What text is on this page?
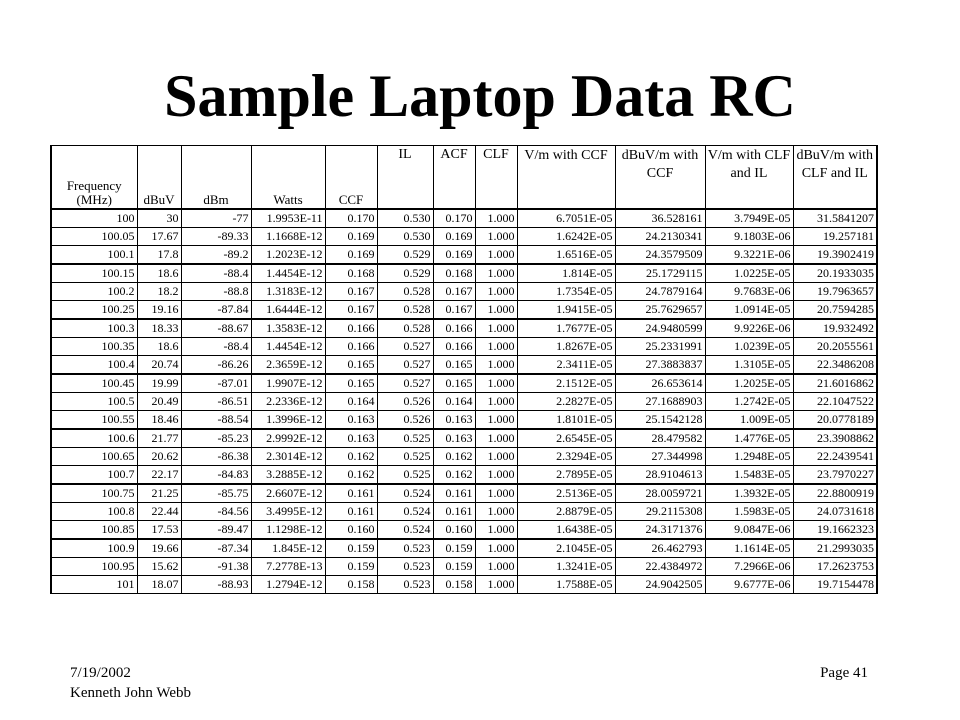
Sample Laptop Data RC
Frequency (MHz)	dBuV	dBm	Watts	CCF	IL	ACF	CLF	V/m with CCF	dBuV/m with CCF	V/m with CLF and IL	dBuV/m with CLF and IL
100	30	-77	1.9953E-11	0.170	0.530	0.170	1.000	6.7051E-05	36.528161	3.7949E-05	31.5841207
100.05	17.67	-89.33	1.1668E-12	0.169	0.530	0.169	1.000	1.6242E-05	24.2130341	9.1803E-06	19.257181
100.1	17.8	-89.2	1.2023E-12	0.169	0.529	0.169	1.000	1.6516E-05	24.3579509	9.3221E-06	19.3902419
100.15	18.6	-88.4	1.4454E-12	0.168	0.529	0.168	1.000	1.814E-05	25.1729115	1.0225E-05	20.1933035
100.2	18.2	-88.8	1.3183E-12	0.167	0.528	0.167	1.000	1.7354E-05	24.7879164	9.7683E-06	19.7963657
100.25	19.16	-87.84	1.6444E-12	0.167	0.528	0.167	1.000	1.9415E-05	25.7629657	1.0914E-05	20.7594285
100.3	18.33	-88.67	1.3583E-12	0.166	0.528	0.166	1.000	1.7677E-05	24.9480599	9.9226E-06	19.932492
100.35	18.6	-88.4	1.4454E-12	0.166	0.527	0.166	1.000	1.8267E-05	25.2331991	1.0239E-05	20.2055561
100.4	20.74	-86.26	2.3659E-12	0.165	0.527	0.165	1.000	2.3411E-05	27.3883837	1.3105E-05	22.3486208
100.45	19.99	-87.01	1.9907E-12	0.165	0.527	0.165	1.000	2.1512E-05	26.653614	1.2025E-05	21.6016862
100.5	20.49	-86.51	2.2336E-12	0.164	0.526	0.164	1.000	2.2827E-05	27.1688903	1.2742E-05	22.1047522
100.55	18.46	-88.54	1.3996E-12	0.163	0.526	0.163	1.000	1.8101E-05	25.1542128	1.009E-05	20.0778189
100.6	21.77	-85.23	2.9992E-12	0.163	0.525	0.163	1.000	2.6545E-05	28.479582	1.4776E-05	23.3908862
100.65	20.62	-86.38	2.3014E-12	0.162	0.525	0.162	1.000	2.3294E-05	27.344998	1.2948E-05	22.2439541
100.7	22.17	-84.83	3.2885E-12	0.162	0.525	0.162	1.000	2.7895E-05	28.9104613	1.5483E-05	23.7970227
100.75	21.25	-85.75	2.6607E-12	0.161	0.524	0.161	1.000	2.5136E-05	28.0059721	1.3932E-05	22.8800919
100.8	22.44	-84.56	3.4995E-12	0.161	0.524	0.161	1.000	2.8879E-05	29.2115308	1.5983E-05	24.0731618
100.85	17.53	-89.47	1.1298E-12	0.160	0.524	0.160	1.000	1.6438E-05	24.3171376	9.0847E-06	19.1662323
100.9	19.66	-87.34	1.845E-12	0.159	0.523	0.159	1.000	2.1045E-05	26.462793	1.1614E-05	21.2993035
100.95	15.62	-91.38	7.2778E-13	0.159	0.523	0.159	1.000	1.3241E-05	22.4384972	7.2966E-06	17.2623753
101	18.07	-88.93	1.2794E-12	0.158	0.523	0.158	1.000	1.7588E-05	24.9042505	9.6777E-06	19.7154478
7/19/2002
Kenneth John Webb
Page 41
